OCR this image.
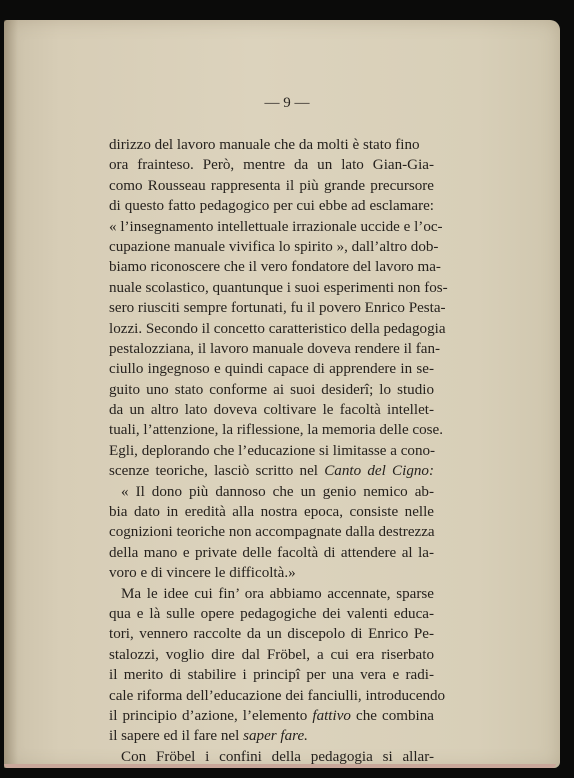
— 9 —
dirizzo del lavoro manuale che da molti è stato fino
ora frainteso. Però, mentre da un lato Gian-Gia-
como Rousseau rappresenta il più grande precursore
di questo fatto pedagogico per cui ebbe ad esclamare:
« l’insegnamento intellettuale irrazionale uccide e l’oc-
cupazione manuale vivifica lo spirito », dall’altro dob-
biamo riconoscere che il vero fondatore del lavoro ma-
nuale scolastico, quantunque i suoi esperimenti non fos-
sero riusciti sempre fortunati, fu il povero Enrico Pesta-
lozzi. Secondo il concetto caratteristico della pedagogia
pestalozziana, il lavoro manuale doveva rendere il fan-
ciullo ingegnoso e quindi capace di apprendere in se-
guito uno stato conforme ai suoi desiderî; lo studio
da un altro lato doveva coltivare le facoltà intellet-
tuali, l’attenzione, la riflessione, la memoria delle cose.
Egli, deplorando che l’educazione si limitasse a cono-
scenze teoriche, lasciò scritto nel Canto del Cigno:
« Il dono più dannoso che un genio nemico ab-
bia dato in eredità alla nostra epoca, consiste nelle
cognizioni teoriche non accompagnate dalla destrezza
della mano e private delle facoltà di attendere al la-
voro e di vincere le difficoltà.»
Ma le idee cui fin’ ora abbiamo accennate, sparse
qua e là sulle opere pedagogiche dei valenti educa-
tori, vennero raccolte da un discepolo di Enrico Pe-
stalozzi, voglio dire dal Fröbel, a cui era riserbato
il merito di stabilire i principî per una vera e radi-
cale riforma dell’educazione dei fanciulli, introducendo
il principio d’azione, l’elemento fattivo che combina
il sapere ed il fare nel saper fare.
Con Fröbel i confini della pedagogia si allar-
